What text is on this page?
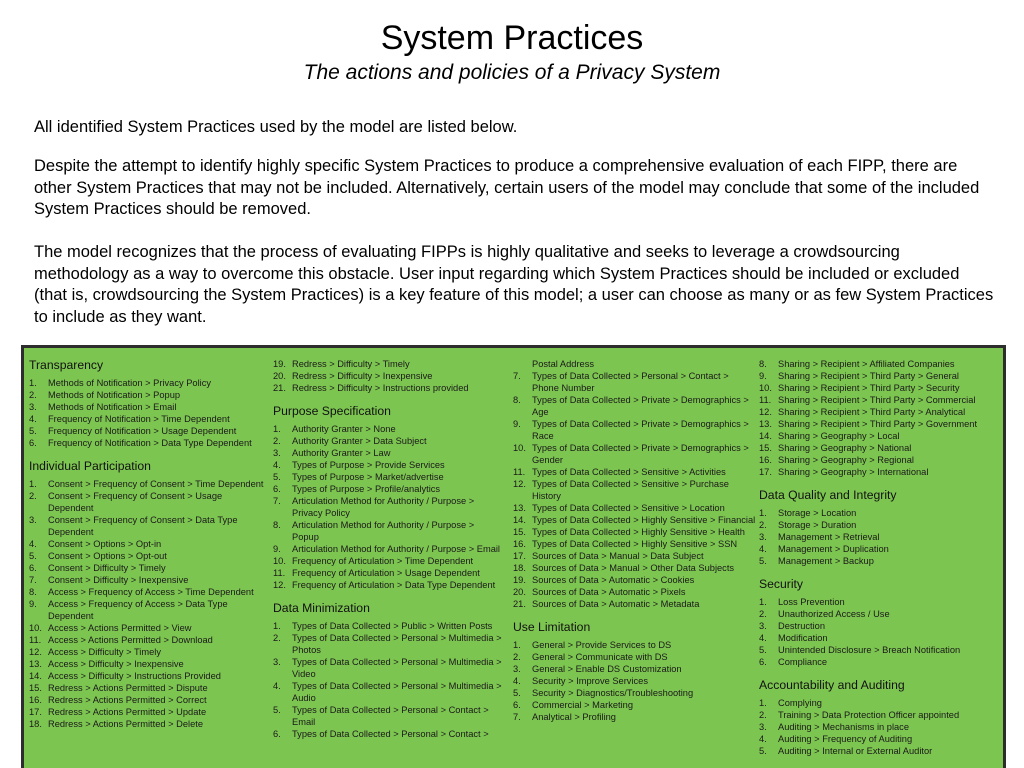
System Practices
The actions and policies of a Privacy System

All identified System Practices used by the model are listed below.

Despite the attempt to identify highly specific System Practices to produce a comprehensive evaluation of each FIPP, there are other System Practices that may not be included. Alternatively, certain users of the model may conclude that some of the included System Practices should be removed.

The model recognizes that the process of evaluating FIPPs is highly qualitative and seeks to leverage a crowdsourcing methodology as a way to overcome this obstacle. User input regarding which System Practices should be included or excluded (that is, crowdsourcing the System Practices) is a key feature of this model; a user can choose as many or as few System Practices to include as they want.

Transparency
1.	Methods of Notification > Privacy Policy
2.	Methods of Notification > Popup
3.	Methods of Notification > Email
4.	Frequency of Notification > Time Dependent
5.	Frequency of Notification > Usage Dependent
6.	Frequency of Notification > Data Type Dependent
Individual Participation
1.	Consent > Frequency of Consent > Time Dependent
2.	Consent > Frequency of Consent > Usage Dependent
3.	Consent > Frequency of Consent > Data Type Dependent
4.	Consent > Options > Opt-in
5.	Consent > Options > Opt-out
6.	Consent > Difficulty > Timely
7.	Consent > Difficulty > Inexpensive
8.	Access > Frequency of Access > Time Dependent
9.	Access > Frequency of Access > Data Type Dependent
10. Access > Actions Permitted > View
11. Access > Actions Permitted > Download
12. Access > Difficulty > Timely
13. Access > Difficulty > Inexpensive
14. Access > Difficulty > Instructions Provided
15. Redress > Actions Permitted > Dispute
16. Redress > Actions Permitted > Correct
17. Redress > Actions Permitted > Update
18. Redress > Actions Permitted > Delete
19. Redress > Difficulty > Timely
20. Redress > Difficulty > Inexpensive
21. Redress > Difficulty > Instructions provided
Purpose Specification
1.	Authority Granter > None
2.	Authority Granter > Data Subject
3.	Authority Granter > Law
4.	Types of Purpose > Provide Services
5.	Types of Purpose > Market/advertise
6.	Types of Purpose > Profile/analytics
7.	Articulation Method for Authority / Purpose > Privacy Policy
8.	Articulation Method for Authority / Purpose > Popup
9.	Articulation Method for Authority / Purpose > Email
10. Frequency of Articulation > Time Dependent
11. Frequency of Articulation > Usage Dependent
12. Frequency of Articulation > Data Type Dependent
Data Minimization
1.	Types of Data Collected > Public > Written Posts
2.	Types of Data Collected > Personal > Multimedia > Photos
3.	Types of Data Collected > Personal > Multimedia > Video
4.	Types of Data Collected > Personal > Multimedia > Audio
5.	Types of Data Collected > Personal > Contact > Email
6.	Types of Data Collected > Personal > Contact >
Postal Address
7.	Types of Data Collected > Personal > Contact > Phone Number
8.	Types of Data Collected > Private > Demographics > Age
9.	Types of Data Collected > Private > Demographics > Race
10. Types of Data Collected > Private > Demographics > Gender
11. Types of Data Collected > Sensitive > Activities
12. Types of Data Collected > Sensitive > Purchase History
13. Types of Data Collected > Sensitive > Location
14. Types of Data Collected > Highly Sensitive > Financial
15. Types of Data Collected > Highly Sensitive > Health
16. Types of Data Collected > Highly Sensitive > SSN
17. Sources of Data > Manual > Data Subject
18. Sources of Data > Manual > Other Data Subjects
19. Sources of Data > Automatic > Cookies
20. Sources of Data > Automatic > Pixels
21. Sources of Data > Automatic > Metadata
Use Limitation
1.	General > Provide Services to DS
2.	General > Communicate with DS
3.	General > Enable DS Customization
4.	Security > Improve Services
5.	Security > Diagnostics/Troubleshooting
6.	Commercial > Marketing
7.	Analytical > Profiling
8.	Sharing > Recipient > Affiliated Companies
9.	Sharing > Recipient > Third Party > General
10. Sharing > Recipient > Third Party > Security
11. Sharing > Recipient > Third Party > Commercial
12. Sharing > Recipient > Third Party > Analytical
13. Sharing > Recipient > Third Party > Government
14. Sharing > Geography > Local
15. Sharing > Geography > National
16. Sharing > Geography > Regional
17. Sharing > Geography > International
Data Quality and Integrity
1.	Storage > Location
2.	Storage > Duration
3.	Management > Retrieval
4.	Management > Duplication
5.	Management > Backup
Security
1.	Loss Prevention
2.	Unauthorized Access / Use
3.	Destruction
4.	Modification
5.	Unintended Disclosure > Breach Notification
6.	Compliance
Accountability and Auditing
1.	Complying
2.	Training > Data Protection Officer appointed
3.	Auditing > Mechanisms in place
4.	Auditing > Frequency of Auditing
5.	Auditing > Internal or External Auditor
